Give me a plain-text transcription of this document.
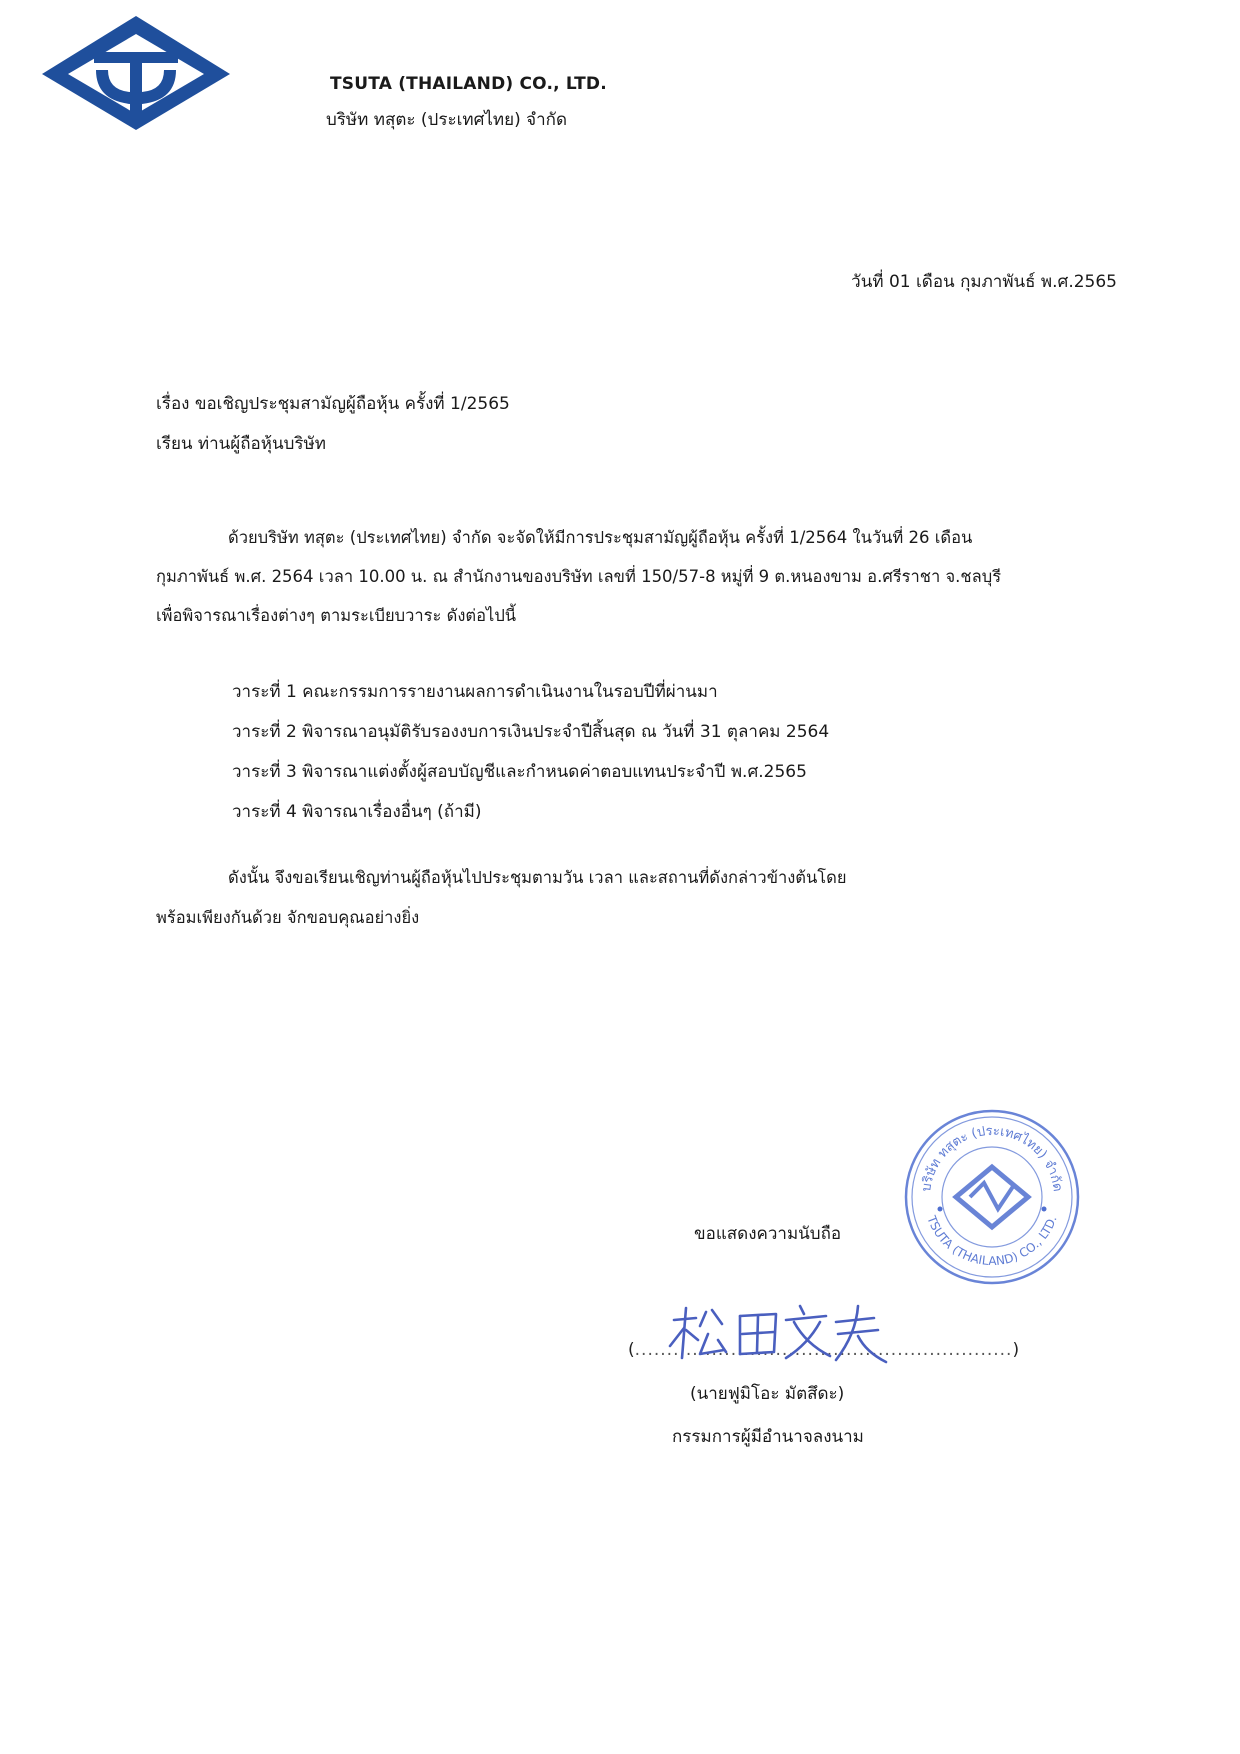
TSUTA (THAILAND) CO., LTD.
บริษัท ทสุตะ (ประเทศไทย) จำกัด
วันที่ 01 เดือน กุมภาพันธ์ พ.ศ.2565
เรื่อง ขอเชิญประชุมสามัญผู้ถือหุ้น ครั้งที่ 1/2565
เรียน ท่านผู้ถือหุ้นบริษัท
ด้วยบริษัท ทสุตะ (ประเทศไทย) จำกัด จะจัดให้มีการประชุมสามัญผู้ถือหุ้น ครั้งที่ 1/2564 ในวันที่ 26 เดือน
กุมภาพันธ์ พ.ศ. 2564 เวลา 10.00 น. ณ สำนักงานของบริษัท เลขที่ 150/57-8 หมู่ที่ 9 ต.หนองขาม อ.ศรีราชา จ.ชลบุรี
เพื่อพิจารณาเรื่องต่างๆ ตามระเบียบวาระ ดังต่อไปนี้
วาระที่ 1 คณะกรรมการรายงานผลการดำเนินงานในรอบปีที่ผ่านมา
วาระที่ 2 พิจารณาอนุมัติรับรองงบการเงินประจำปีสิ้นสุด ณ วันที่ 31 ตุลาคม 2564
วาระที่ 3 พิจารณาแต่งตั้งผู้สอบบัญชีและกำหนดค่าตอบแทนประจำปี พ.ศ.2565
วาระที่ 4 พิจารณาเรื่องอื่นๆ (ถ้ามี)
ดังนั้น จึงขอเรียนเชิญท่านผู้ถือหุ้นไปประชุมตามวัน เวลา และสถานที่ดังกล่าวข้างต้นโดย
พร้อมเพียงกันด้วย จักขอบคุณอย่างยิ่ง
บริษัท ทสุตะ (ประเทศไทย) จำกัด
TSUTA (THAILAND) CO., LTD.
ขอแสดงความนับถือ
(...........................................................)
(นายฟูมิโอะ มัตสึดะ)
กรรมการผู้มีอำนาจลงนาม
